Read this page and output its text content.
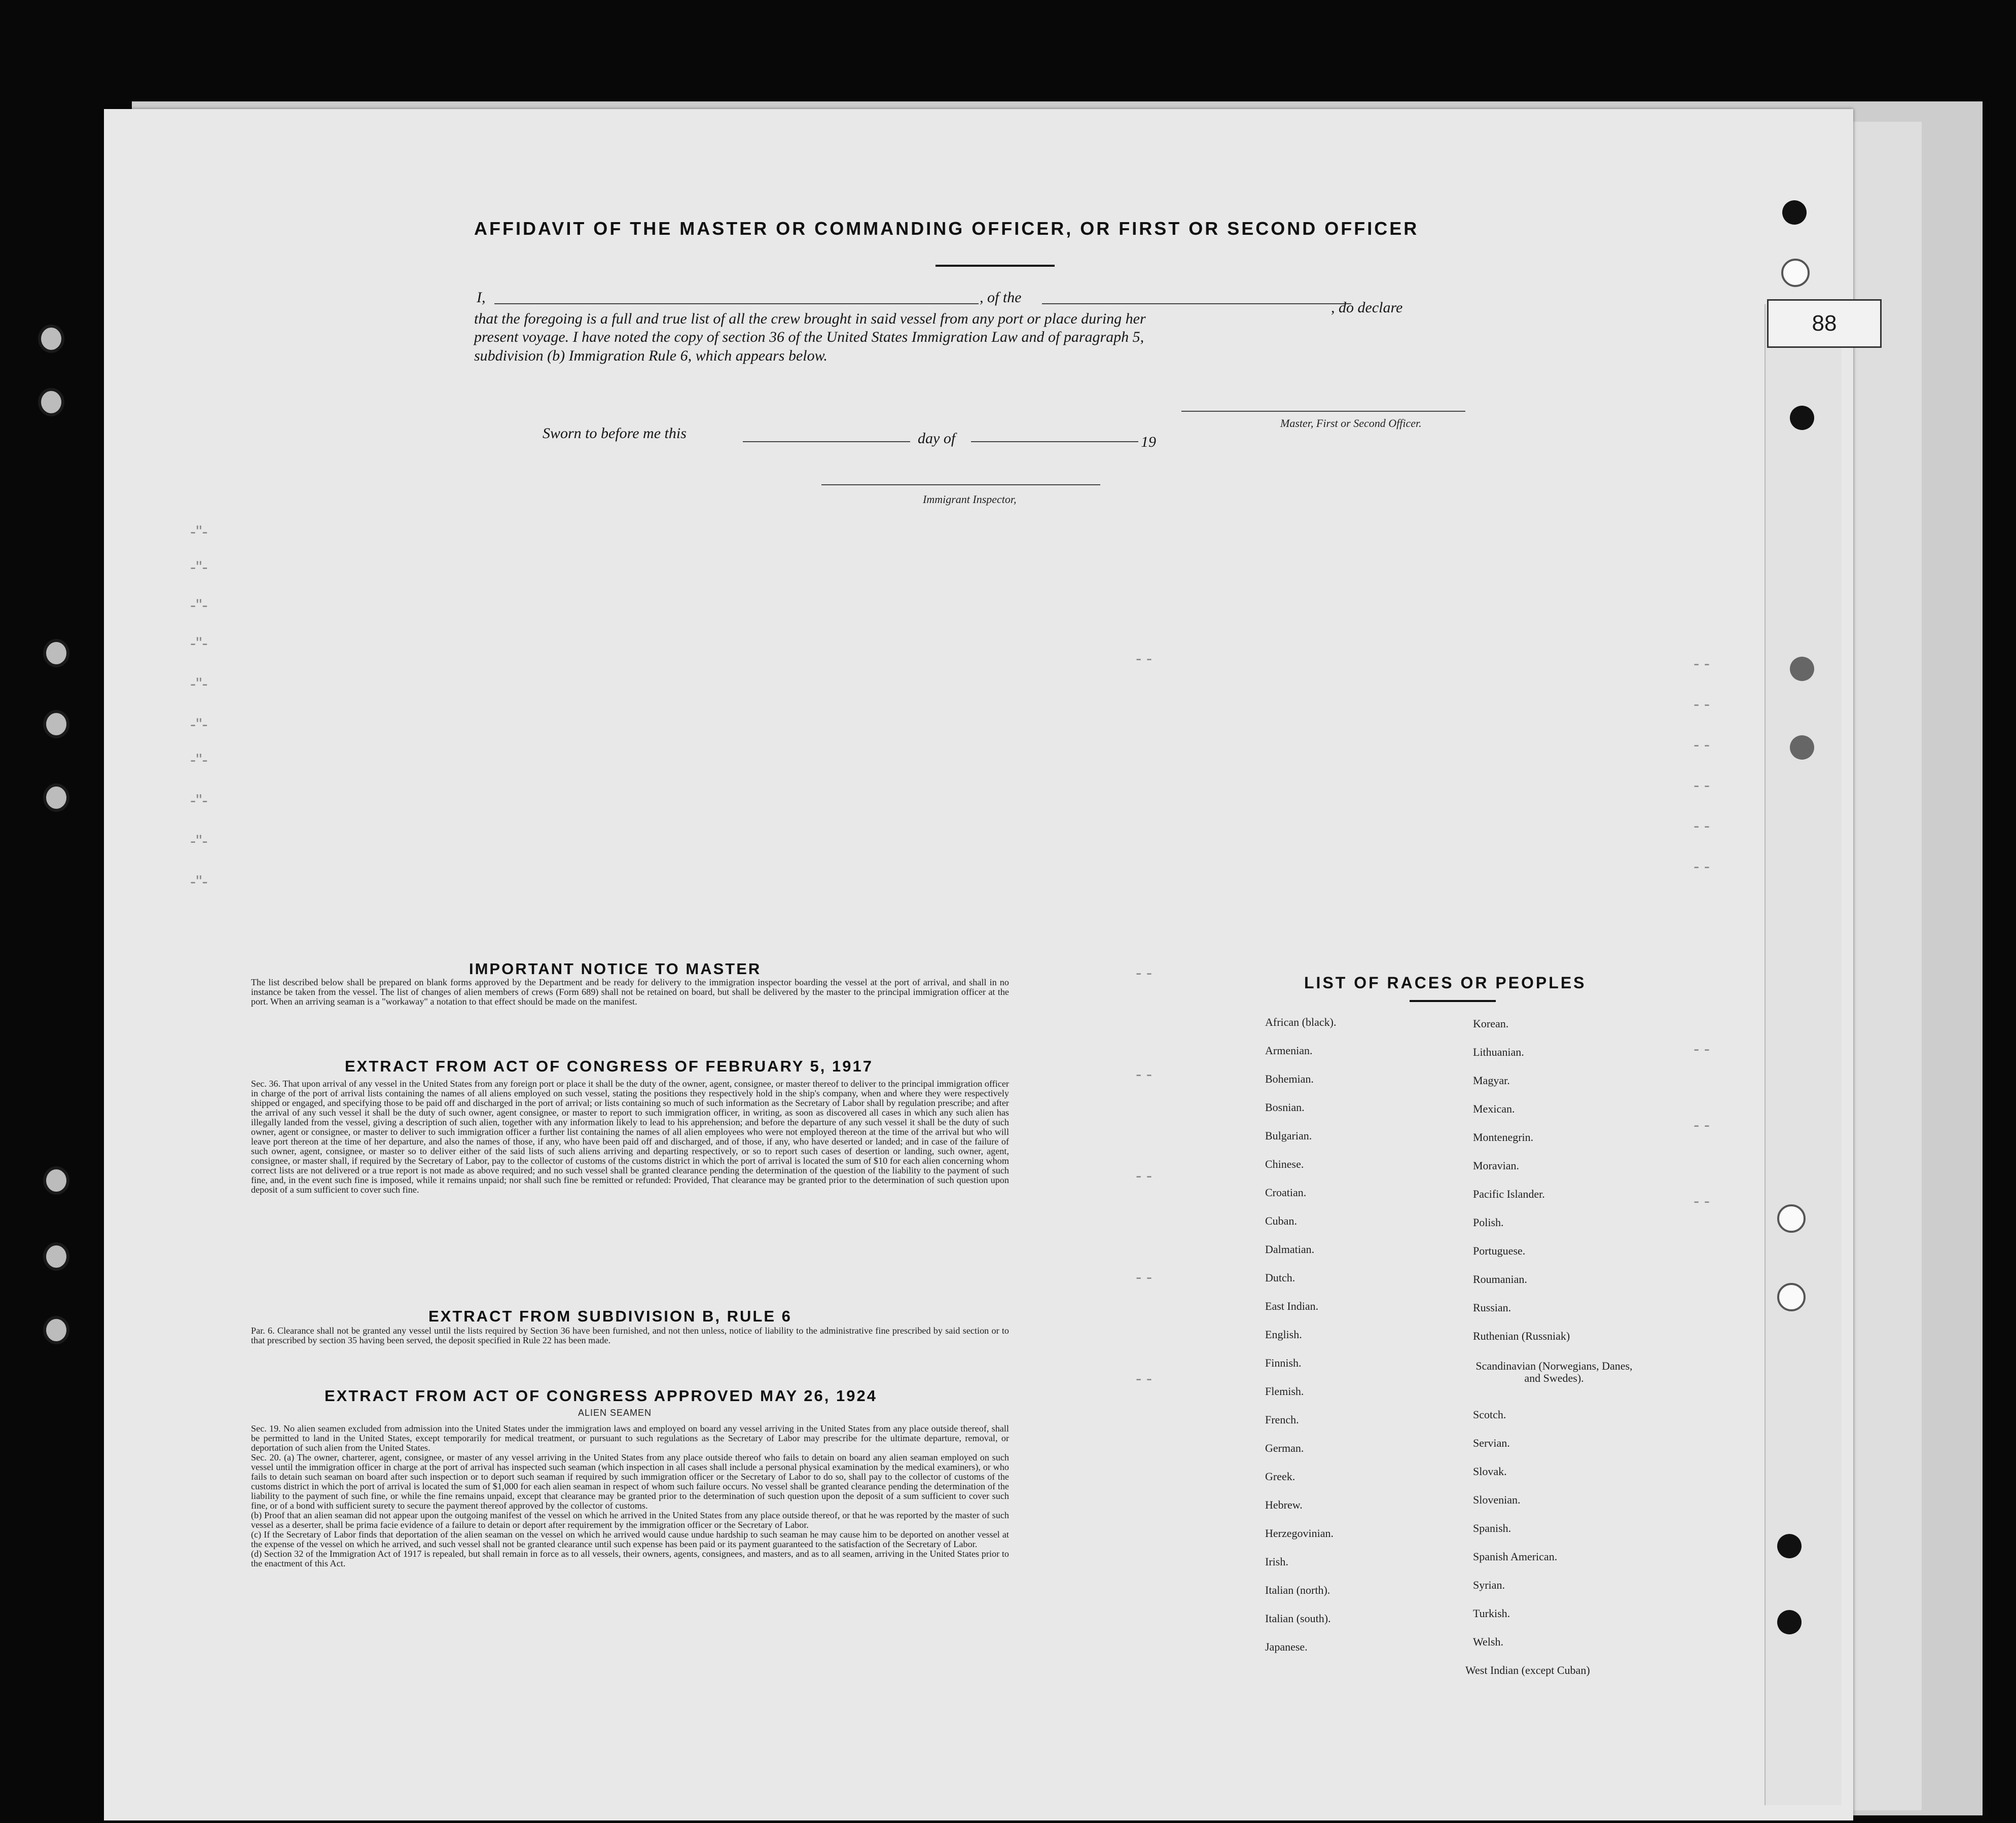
88
-"-
-"-
-"-
-"-
-"-
-"-
-"-
-"-
-"-
-"-
- -
- -
- -
- -
- -
- -
- -
- -
- -
- -
- -
- -
- -
- -
- -
AFFIDAVIT OF THE MASTER OR COMMANDING OFFICER, OR FIRST OR SECOND OFFICER
I,	, of the
, do declare
that the foregoing is a full and true list of all the crew brought in said vessel from any port or place during her
present voyage. I have noted the copy of section 36 of the United States Immigration Law and of paragraph 5,
subdivision (b) Immigration Rule 6, which appears below.
Master, First or Second Officer.
Sworn to before me this	day of	19
Immigrant Inspector,
IMPORTANT NOTICE TO MASTER
The list described below shall be prepared on blank forms approved by the Department and be ready for delivery to the immigration inspector boarding the vessel at the port of arrival, and shall in no instance be taken from the vessel. The list of changes of alien members of crews (Form 689) shall not be retained on board, but shall be delivered by the master to the principal immigration officer at the port. When an arriving seaman is a "workaway" a notation to that effect should be made on the manifest.
EXTRACT FROM ACT OF CONGRESS OF FEBRUARY 5, 1917
Sec. 36. That upon arrival of any vessel in the United States from any foreign port or place it shall be the duty of the owner, agent, consignee, or master thereof to deliver to the principal immigration officer in charge of the port of arrival lists containing the names of all aliens employed on such vessel, stating the positions they respectively hold in the ship's company, when and where they were respectively shipped or engaged, and specifying those to be paid off and discharged in the port of arrival; or lists containing so much of such information as the Secretary of Labor shall by regulation prescribe; and after the arrival of any such vessel it shall be the duty of such owner, agent consignee, or master to report to such immigration officer, in writing, as soon as discovered all cases in which any such alien has illegally landed from the vessel, giving a description of such alien, together with any information likely to lead to his apprehension; and before the departure of any such vessel it shall be the duty of such owner, agent or consignee, or master to deliver to such immigration officer a further list containing the names of all alien employees who were not employed thereon at the time of the arrival but who will leave port thereon at the time of her departure, and also the names of those, if any, who have been paid off and discharged, and of those, if any, who have deserted or landed; and in case of the failure of such owner, agent, consignee, or master so to deliver either of the said lists of such aliens arriving and departing respectively, or so to report such cases of desertion or landing, such owner, agent, consignee, or master shall, if required by the Secretary of Labor, pay to the collector of customs of the customs district in which the port of arrival is located the sum of $10 for each alien concerning whom correct lists are not delivered or a true report is not made as above required; and no such vessel shall be granted clearance pending the determination of the question of the liability to the payment of such fine, and, in the event such fine is imposed, while it remains unpaid; nor shall such fine be remitted or refunded: Provided, That clearance may be granted prior to the determination of such question upon deposit of a sum sufficient to cover such fine.
EXTRACT FROM SUBDIVISION B, RULE 6
Par. 6. Clearance shall not be granted any vessel until the lists required by Section 36 have been furnished, and not then unless, notice of liability to the administrative fine prescribed by said section or to that prescribed by section 35 having been served, the deposit specified in Rule 22 has been made.
EXTRACT FROM ACT OF CONGRESS APPROVED MAY 26, 1924
ALIEN SEAMEN
Sec. 19. No alien seamen excluded from admission into the United States under the immigration laws and employed on board any vessel arriving in the United States from any place outside thereof, shall be permitted to land in the United States, except temporarily for medical treatment, or pursuant to such regulations as the Secretary of Labor may prescribe for the ultimate departure, removal, or deportation of such alien from the United States.
Sec. 20. (a) The owner, charterer, agent, consignee, or master of any vessel arriving in the United States from any place outside thereof who fails to detain on board any alien seaman employed on such vessel until the immigration officer in charge at the port of arrival has inspected such seaman (which inspection in all cases shall include a personal physical examination by the medical examiners), or who fails to detain such seaman on board after such inspection or to deport such seaman if required by such immigration officer or the Secretary of Labor to do so, shall pay to the collector of customs of the customs district in which the port of arrival is located the sum of $1,000 for each alien seaman in respect of whom such failure occurs. No vessel shall be granted clearance pending the determination of the liability to the payment of such fine, or while the fine remains unpaid, except that clearance may be granted prior to the determination of such question upon the deposit of a sum sufficient to cover such fine, or of a bond with sufficient surety to secure the payment thereof approved by the collector of customs.
(b) Proof that an alien seaman did not appear upon the outgoing manifest of the vessel on which he arrived in the United States from any place outside thereof, or that he was reported by the master of such vessel as a deserter, shall be prima facie evidence of a failure to detain or deport after requirement by the immigration officer or the Secretary of Labor.
(c) If the Secretary of Labor finds that deportation of the alien seaman on the vessel on which he arrived would cause undue hardship to such seaman he may cause him to be deported on another vessel at the expense of the vessel on which he arrived, and such vessel shall not be granted clearance until such expense has been paid or its payment guaranteed to the satisfaction of the Secretary of Labor.
(d) Section 32 of the Immigration Act of 1917 is repealed, but shall remain in force as to all vessels, their owners, agents, consignees, and masters, and as to all seamen, arriving in the United States prior to the enactment of this Act.
LIST OF RACES OR PEOPLES
African (black).
Armenian.
Bohemian.
Bosnian.
Bulgarian.
Chinese.
Croatian.
Cuban.
Dalmatian.
Dutch.
East Indian.
English.
Finnish.
Flemish.
French.
German.
Greek.
Hebrew.
Herzegovinian.
Irish.
Italian (north).
Italian (south).
Japanese.
Korean.
Lithuanian.
Magyar.
Mexican.
Montenegrin.
Moravian.
Pacific Islander.
Polish.
Portuguese.
Roumanian.
Russian.
Ruthenian (Russniak)
Scandinavian (Norwegians, Danes, and Swedes).
Scotch.
Servian.
Slovak.
Slovenian.
Spanish.
Spanish American.
Syrian.
Turkish.
Welsh.
West Indian (except Cuban)
